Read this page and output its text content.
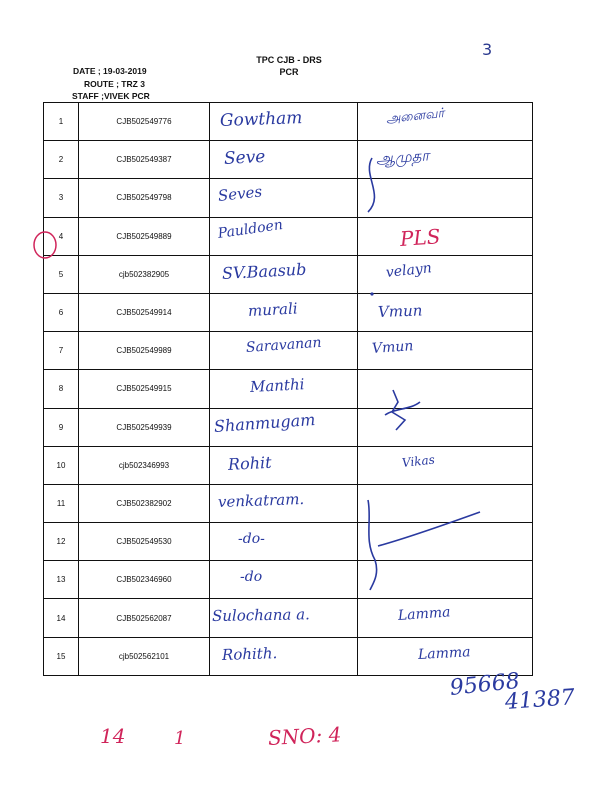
TPC CJB - DRS
PCR
DATE ; 19-03-2019
ROUTE ; TRZ 3
STAFF ;VIVEK PCR
3
1	CJB502549776	Gowtham	அனைவர்

2	CJB502549387	Seve	ஆமுதா

3	CJB502549798	Seves	

4	CJB502549889	Pauldoen	PLS

5	cjb502382905	SV.Baasub	velayn

6	CJB502549914	murali	Vmun

7	CJB502549989	Saravanan	Vmun

8	CJB502549915	Manthi	

9	CJB502549939	Shanmugam	

10	cjb502346993	Rohit	Vikas

11	CJB502382902	venkatram.	

12	CJB502549530	-do-	

13	CJB502346960	-do	

14	CJB502562087	Sulochana a.	Lamma

15	cjb502562101	Rohith.	Lamma
95668
41387
14	1	SNO: 4
